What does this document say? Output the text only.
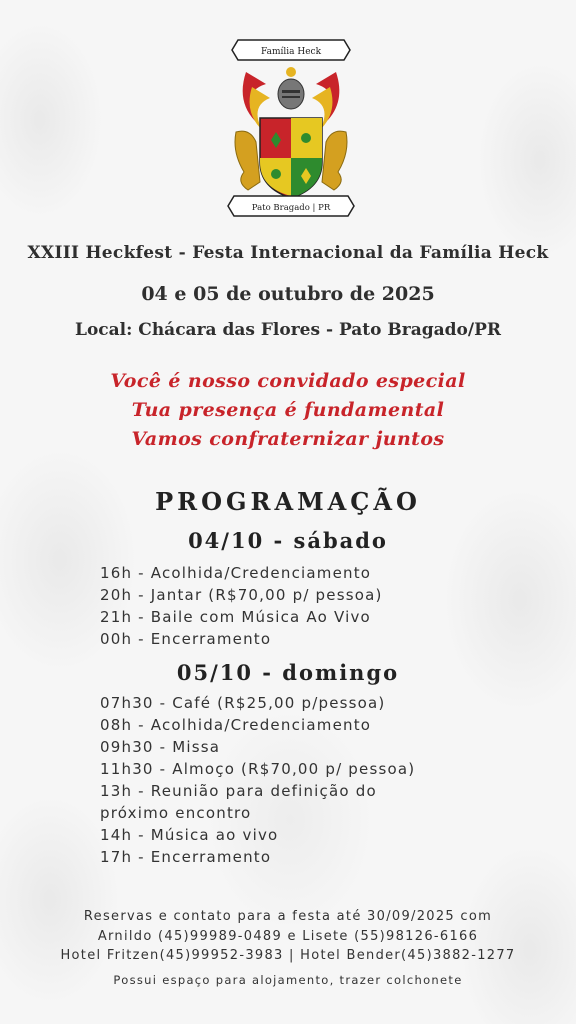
Família Heck
Pato Bragado | PR
XXIII Heckfest - Festa Internacional da Família Heck
04 e 05 de outubro de 2025
Local: Chácara das Flores - Pato Bragado/PR
Você é nosso convidado especial
Tua presença é fundamental
Vamos confraternizar juntos
PROGRAMAÇÃO
04/10 - sábado
16h - Acolhida/Credenciamento
20h - Jantar (R$70,00 p/ pessoa)
21h - Baile com Música Ao Vivo
00h - Encerramento
05/10 - domingo
07h30 - Café (R$25,00 p/pessoa)
08h - Acolhida/Credenciamento
09h30 - Missa
11h30 - Almoço (R$70,00 p/ pessoa)
13h - Reunião para definição do
próximo encontro
14h - Música ao vivo
17h - Encerramento
Reservas e contato para a festa até 30/09/2025 com
Arnildo (45)99989-0489 e Lisete (55)98126-6166
Hotel Fritzen(45)99952-3983 | Hotel Bender(45)3882-1277
Possui espaço para alojamento, trazer colchonete
